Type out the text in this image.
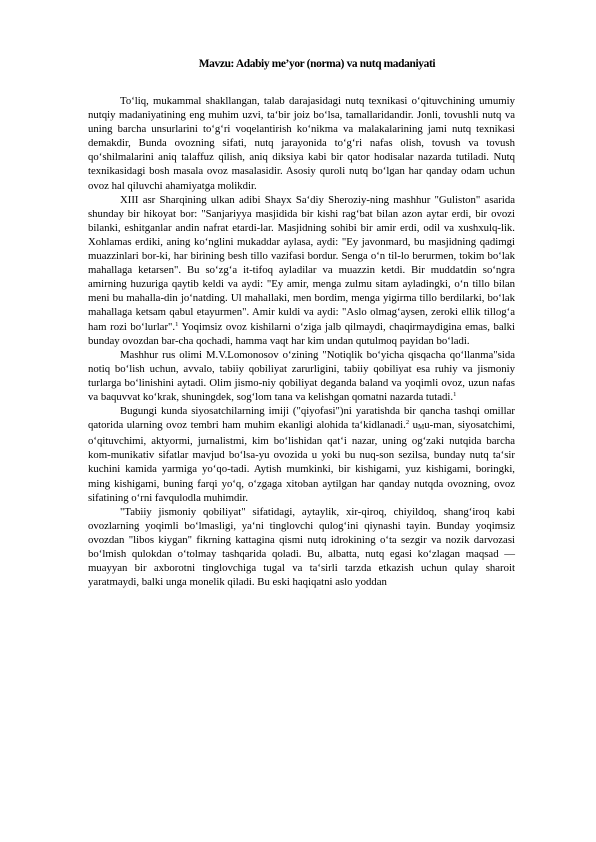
Mavzu: Adabiy me’yor (norma) va nutq madaniyati

To‘liq, mukammal shakllangan, talab darajasidagi nutq texnikasi o‘qituvchining umumiy nutqiy madaniyatining eng muhim uzvi, ta‘bir joiz bo‘lsa, tamallaridandir. Jonli, tovushli nutq va uning barcha unsurlarini to‘g‘ri voqelantirish ko‘nikma va malakalarining jami nutq texnikasi demakdir, Bunda ovozning sifati, nutq jarayonida to‘g‘ri nafas olish, tovush va tovush qo‘shilmalarini aniq talaffuz qilish, aniq diksiya kabi bir qator hodisalar nazarda tutiladi. Nutq texnikasidagi bosh masala ovoz masalasidir. Asosiy quroli nutq bo‘lgan har qanday odam uchun ovoz hal qiluvchi ahamiyatga molikdir.

XIII asr Sharqining ulkan adibi Shayx Sa‘diy Sheroziy-ning mashhur "Guliston" asarida shunday bir hikoyat bor: "Sanjariyya masjidida bir kishi rag‘bat bilan azon aytar erdi, bir ovozi bilanki, eshitganlar andin nafrat etardi-lar. Masjidning sohibi bir amir erdi, odil va xushxulq-lik. Xohlamas erdiki, aning ko‘nglini mukaddar aylasa, aydi: "Ey javonmard, bu masjidning qadimgi muazzinlari bor-ki, har birining besh tillo vazifasi bordur. Senga o‘n til-lo berurmen, tokim bo‘lak mahallaga ketarsen". Bu so‘zg‘a it-tifoq ayladilar va muazzin ketdi. Bir muddatdin so‘ngra amirning huzuriga qaytib keldi va aydi: "Ey amir, menga zulmu sitam ayladingki, o‘n tillo bilan meni bu mahalla-din jo‘natding. Ul mahallaki, men bordim, menga yigirma tillo berdilarki, bo‘lak mahallaga ketsam qabul etayurmen". Amir kuldi va aydi: "Aslo olmag‘aysen, zeroki ellik tillog‘a ham rozi bo‘lurlar".$^1$ Yoqimsiz ovoz kishilarni o‘ziga jalb qilmaydi, chaqirmaydigina emas, balki bunday ovozdan bar-cha qochadi, hamma vaqt har kim undan qutulmoq payidan bo‘ladi.

Mashhur rus olimi M.V.Lomonosov o‘zining "Notiqlik bo‘yicha qisqacha qo‘llanma"sida notiq bo‘lish uchun, avvalo, tabiiy qobiliyat zarurligini, tabiiy qobiliyat esa ruhiy va jismoniy turlarga bo‘linishini aytadi. Olim jismo-niy qobiliyat deganda baland va yoqimli ovoz, uzun nafas va baquvvat ko‘krak, shuningdek, sog‘lom tana va kelishgan qomatni nazarda tutadi.$^1$

Bugungi kunda siyosatchilarning imiji ("qiyofasi")ni yaratishda bir qancha tashqi omillar qatorida ularning ovoz tembri ham muhim ekanligi alohida ta‘kidlanadi.$^2$ uMu-man, siyosatchimi, o‘qituvchimi, aktyormi, jurnalistmi, kim bo‘lishidan qat‘i nazar, uning og‘zaki nutqida barcha kom-munikativ sifatlar mavjud bo‘lsa-yu ovozida u yoki bu nuq-son sezilsa, bunday nutq ta‘sir kuchini kamida yarmiga yo‘qo-tadi. Aytish mumkinki, bir kishigami, yuz kishigami, boringki, ming kishigami, buning farqi yo‘q, o‘zgaga xitoban aytilgan har qanday nutqda ovozning, ovoz sifatining o‘rni favqulodla muhimdir.

"Tabiiy jismoniy qobiliyat" sifatidagi, aytaylik, xir-qiroq, chiyildoq, shang‘iroq kabi ovozlarning yoqimli bo‘lmasligi, ya‘ni tinglovchi qulog‘ini qiynashi tayin. Bunday yoqimsiz ovozdan "libos kiygan" fikrning kattagina qismi nutq idrokining o‘ta sezgir va nozik darvozasi bo‘lmish qulokdan o‘tolmay tashqarida qoladi. Bu, albatta, nutq egasi ko‘zlagan maqsad — muayyan bir axborotni tinglovchiga tugal va ta‘sirli tarzda etkazish uchun qulay sharoit yaratmaydi, balki unga monelik qiladi. Bu eski haqiqatni aslo yoddan
